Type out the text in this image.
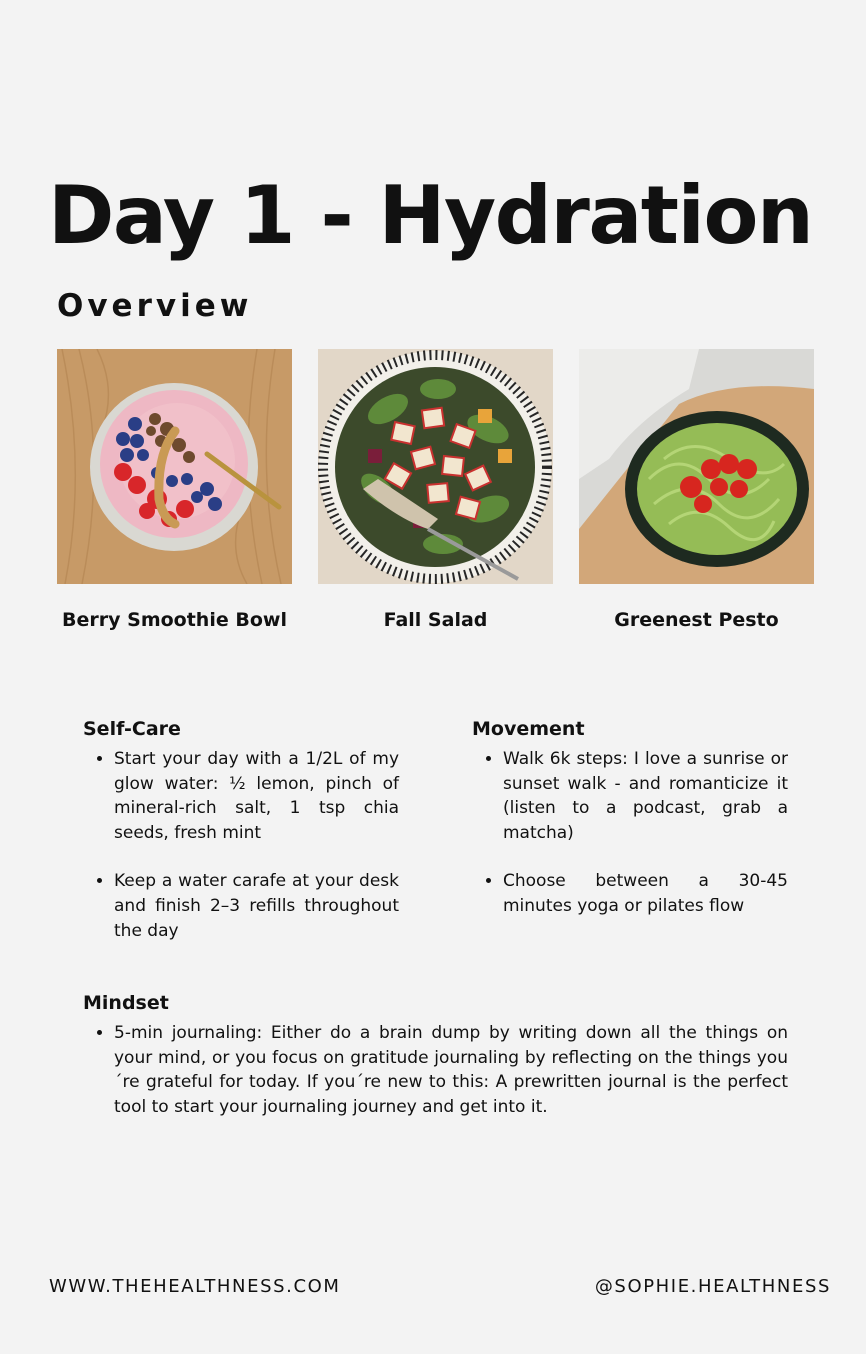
Day 1 - Hydration
Overview
Berry Smoothie Bowl	Fall Salad	Greenest Pesto
Self-Care
• Start your day with a 1/2L of my glow water: ½ lemon, pinch of mineral-rich salt, 1 tsp chia seeds, fresh mint
• Keep a water carafe at your desk and finish 2–3 refills throughout the day
Movement
• Walk 6k steps: I love a sunrise or sunset walk - and romanticize it (listen to a podcast, grab a matcha)
• Choose between a 30-45 minutes yoga or pilates flow
Mindset
• 5-min journaling: Either do a brain dump by writing down all the things on your mind, or you focus on gratitude journaling by reflecting on the things you´re grateful for today. If you´re new to this: A prewritten journal is the perfect tool to start your journaling journey and get into it.
WWW.THEHEALTHNESS.COM	@SOPHIE.HEALTHNESS
